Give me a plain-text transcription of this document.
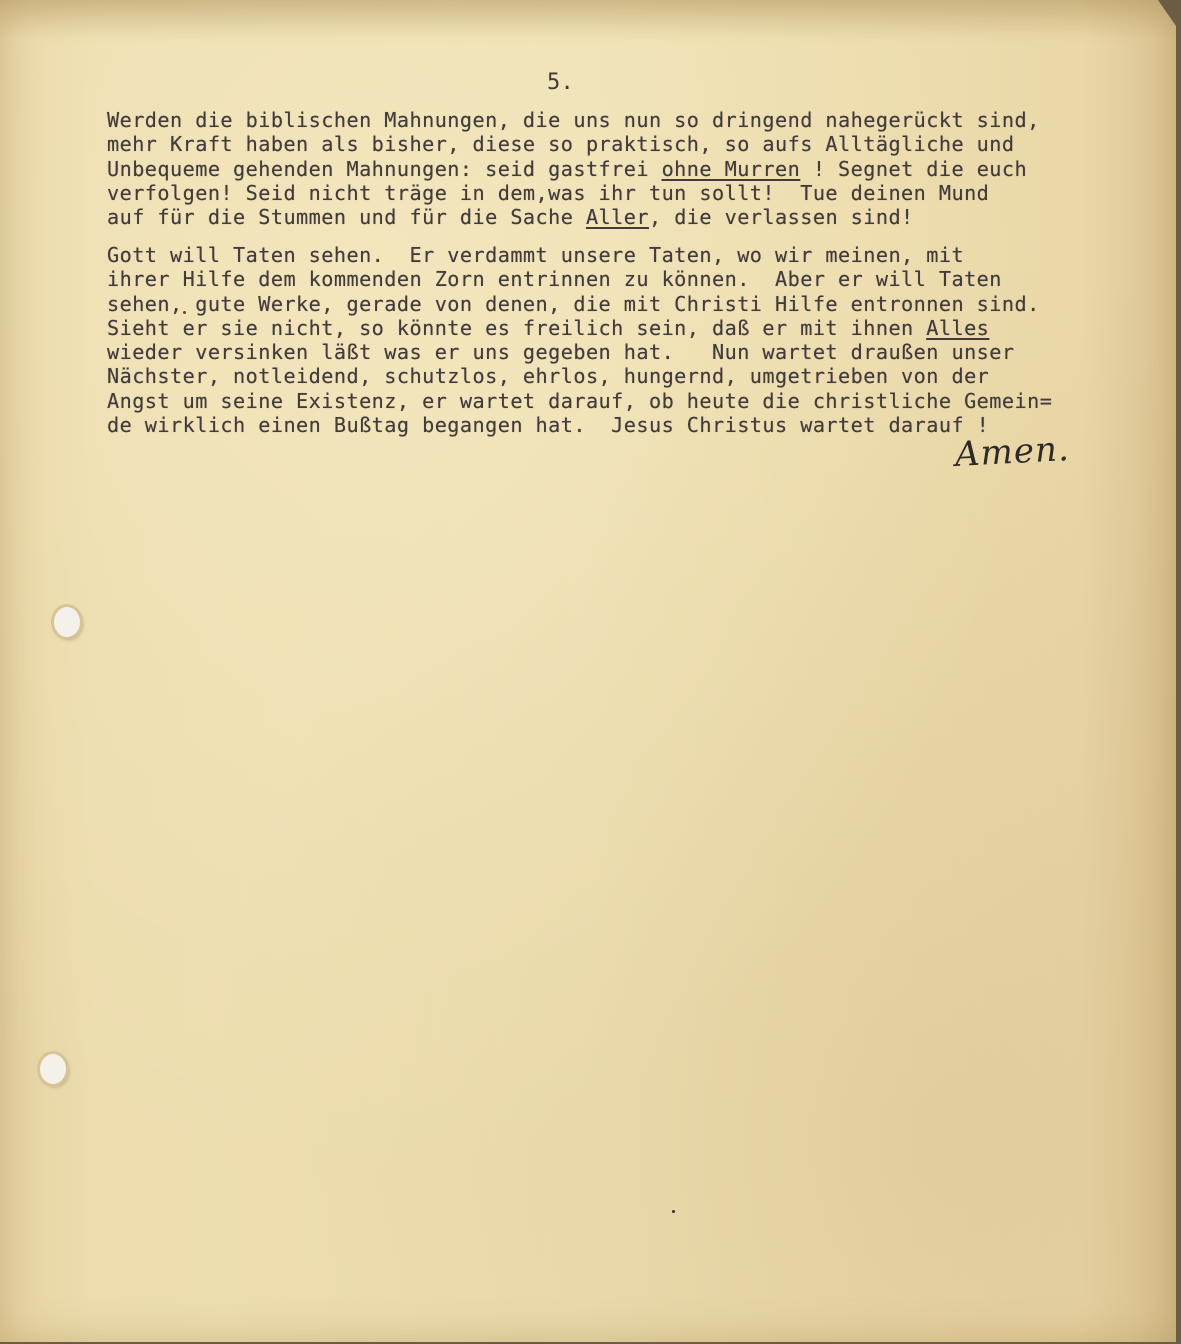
5.
Werden die biblischen Mahnungen, die uns nun so dringend nahegerückt sind,
mehr Kraft haben als bisher, diese so praktisch, so aufs Alltägliche und
Unbequeme gehenden Mahnungen: seid gastfrei ohne Murren ! Segnet die euch
verfolgen! Seid nicht träge in dem,was ihr tun sollt!  Tue deinen Mund
auf für die Stummen und für die Sache Aller, die verlassen sind!
Gott will Taten sehen.  Er verdammt unsere Taten, wo wir meinen, mit
ihrer Hilfe dem kommenden Zorn entrinnen zu können.  Aber er will Taten
sehen, gute Werke, gerade von denen, die mit Christi Hilfe entronnen sind.
Sieht er sie nicht, so könnte es freilich sein, daß er mit ihnen Alles
wieder versinken läßt was er uns gegeben hat.   Nun wartet draußen unser
Nächster, notleidend, schutzlos, ehrlos, hungernd, umgetrieben von der
Angst um seine Existenz, er wartet darauf, ob heute die christliche Gemein=
de wirklich einen Bußtag begangen hat.  Jesus Christus wartet darauf !
Amen.
